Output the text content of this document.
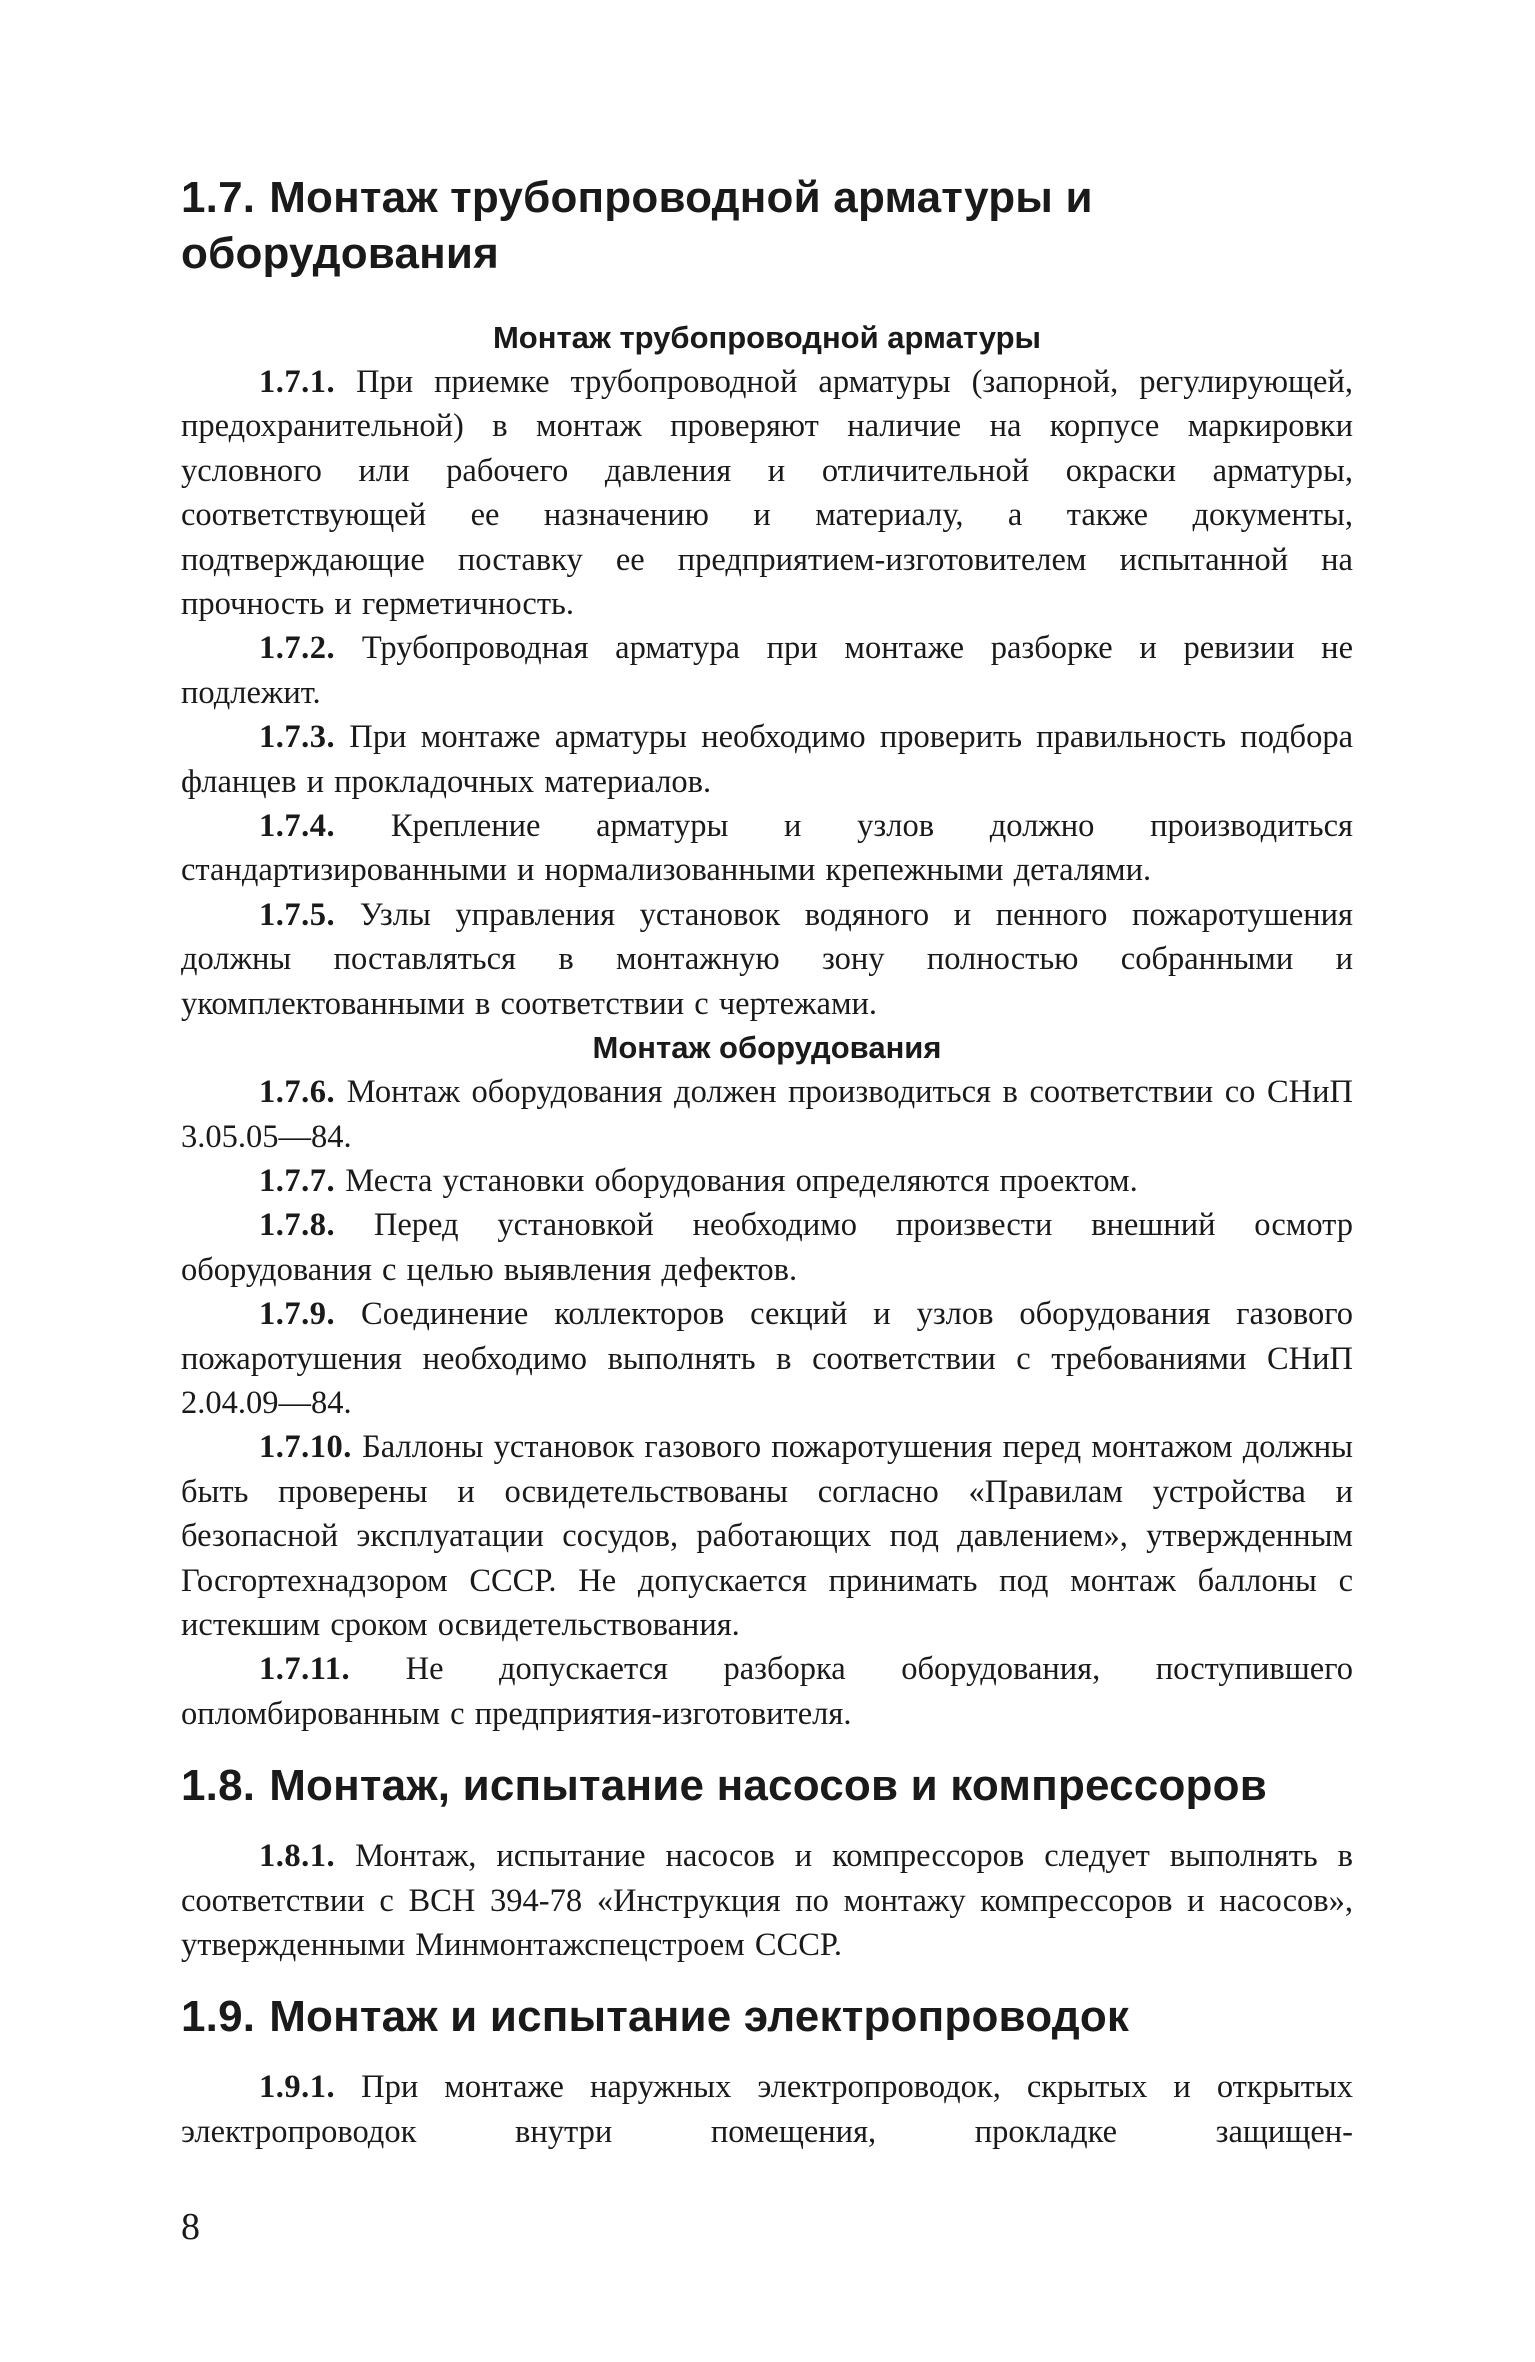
1.7. Монтаж трубопроводной арматуры и оборудования
Монтаж трубопроводной арматуры

1.7.1. При приемке трубопроводной арматуры (запорной, регулирующей, предохранительной) в монтаж проверяют наличие на корпусе маркировки условного или рабочего давления и отличительной окраски арматуры, соответствующей ее назначению и материалу, а также документы, подтверждающие поставку ее предприятием-изготовителем испытанной на прочность и герметичность.

1.7.2. Трубопроводная арматура при монтаже разборке и ревизии не подлежит.

1.7.3. При монтаже арматуры необходимо проверить правильность подбора фланцев и прокладочных материалов.

1.7.4. Крепление арматуры и узлов должно производиться стандартизированными и нормализованными крепежными деталями.

1.7.5. Узлы управления установок водяного и пенного пожаротушения должны поставляться в монтажную зону полностью собранными и укомплектованными в соответствии с чертежами.

Монтаж оборудования

1.7.6. Монтаж оборудования должен производиться в соответствии со СНиП 3.05.05—84.

1.7.7. Места установки оборудования определяются проектом.

1.7.8. Перед установкой необходимо произвести внешний осмотр оборудования с целью выявления дефектов.

1.7.9. Соединение коллекторов секций и узлов оборудования газового пожаротушения необходимо выполнять в соответствии с требованиями СНиП 2.04.09—84.

1.7.10. Баллоны установок газового пожаротушения перед монтажом должны быть проверены и освидетельствованы согласно «Правилам устройства и безопасной эксплуатации сосудов, работающих под давлением», утвержденным Госгортехнадзором СССР. Не допускается принимать под монтаж баллоны с истекшим сроком освидетельствования.

1.7.11. Не допускается разборка оборудования, поступившего опломбированным с предприятия-изготовителя.

1.8. Монтаж, испытание насосов и компрессоров

1.8.1. Монтаж, испытание насосов и компрессоров следует выполнять в соответствии с ВСН 394-78 «Инструкция по монтажу компрессоров и насосов», утвержденными Минмонтажспецстроем СССР.

1.9. Монтаж и испытание электропроводок

1.9.1. При монтаже наружных электропроводок, скрытых и открытых электропроводок внутри помещения, прокладке защищен-

8
